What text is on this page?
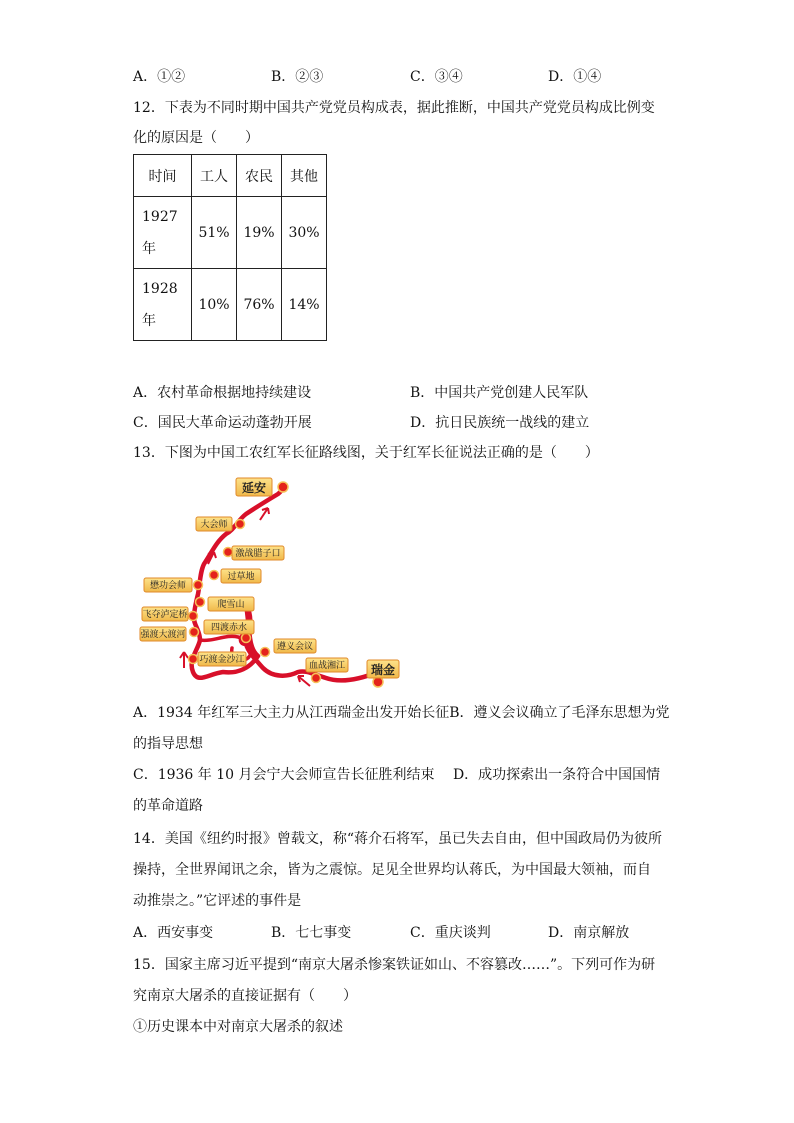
A．①②	B．②③	C．③④	D．①④
12．下表为不同时期中国共产党党员构成表，据此推断，中国共产党党员构成比例变
化的原因是（　　）
时间	工人	农民	其他

1927
年	51%	19%	30%

1928
年	10%	76%	14%
A．农村革命根据地持续建设	B．中国共产党创建人民军队
C．国民大革命运动蓬勃开展	D．抗日民族统一战线的建立
13．下图为中国工农红军长征路线图，关于红军长征说法正确的是（　　）
延安
瑞金
大会师
激战腊子口
过草地
懋功会师
爬雪山
飞夺泸定桥
四渡赤水
强渡大渡河
遵义会议
巧渡金沙江
血战湘江
A．1934 年红军三大主力从江西瑞金出发开始长征B．遵义会议确立了毛泽东思想为党
的指导思想
C．1936 年 10 月会宁大会师宣告长征胜利结束　 D．成功探索出一条符合中国国情
的革命道路
14．美国《纽约时报》曾载文，称“蒋介石将军，虽已失去自由，但中国政局仍为彼所
操持，全世界闻讯之余，皆为之震惊。足见全世界均认蒋氏，为中国最大领袖，而自
动推崇之。”它评述的事件是
A．西安事变	B．七七事变	C．重庆谈判	D．南京解放
15．国家主席习近平提到“南京大屠杀惨案铁证如山、不容篡改……”。下列可作为研
究南京大屠杀的直接证据有（　　）
①历史课本中对南京大屠杀的叙述
